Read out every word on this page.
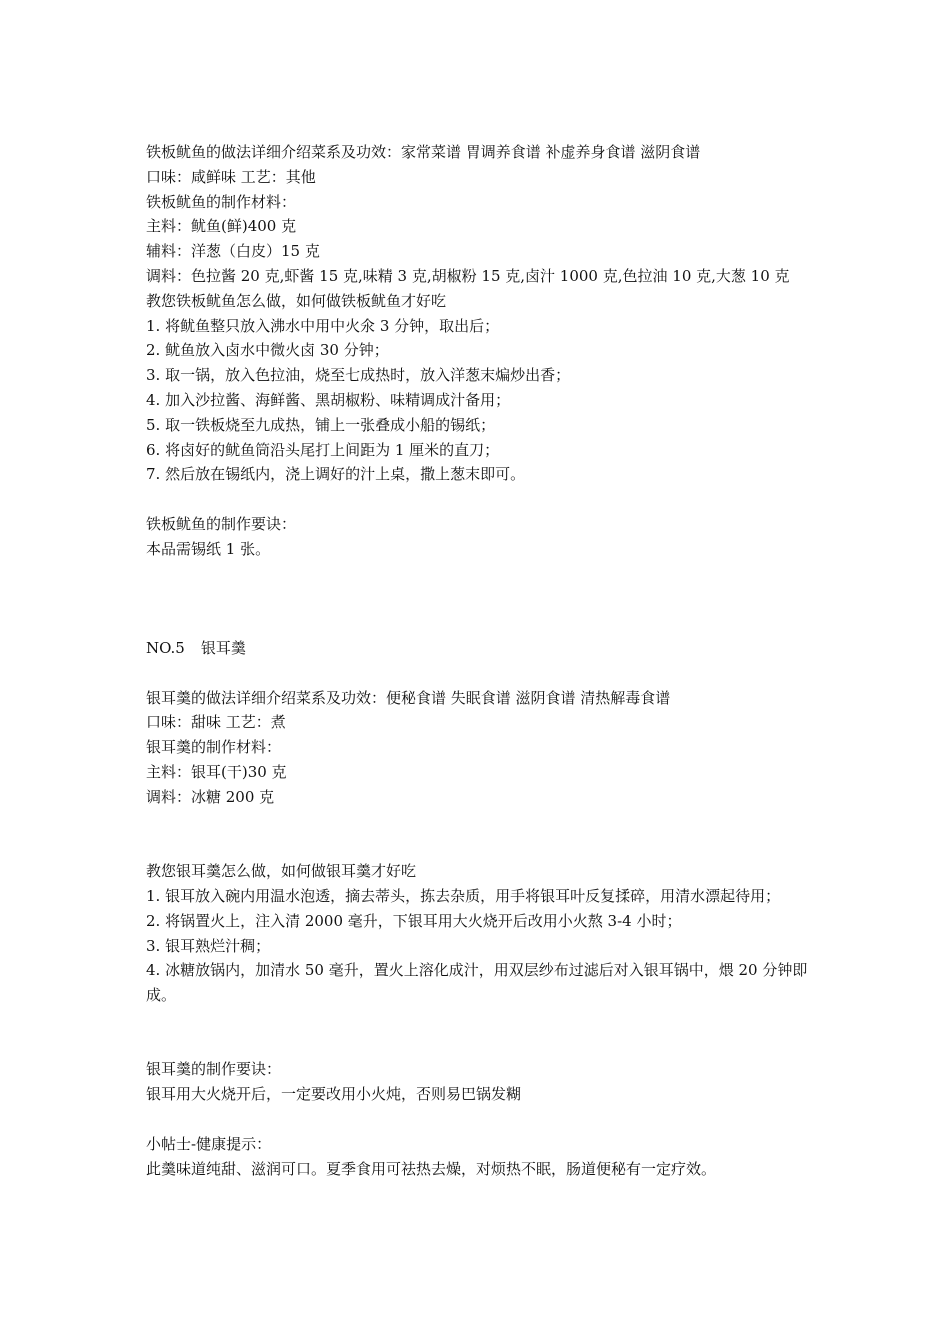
铁板鱿鱼的做法详细介绍菜系及功效：家常菜谱 胃调养食谱 补虚养身食谱 滋阴食谱
口味：咸鲜味 工艺：其他
铁板鱿鱼的制作材料：
主料：鱿鱼(鲜)400 克
辅料：洋葱（白皮）15 克
调料：色拉酱 20 克,虾酱 15 克,味精 3 克,胡椒粉 15 克,卤汁 1000 克,色拉油 10 克,大葱 10 克
教您铁板鱿鱼怎么做，如何做铁板鱿鱼才好吃
1. 将鱿鱼整只放入沸水中用中火氽 3 分钟，取出后；
2. 鱿鱼放入卤水中微火卤 30 分钟；
3. 取一锅，放入色拉油，烧至七成热时，放入洋葱末煸炒出香；
4. 加入沙拉酱、海鲜酱、黑胡椒粉、味精调成汁备用；
5. 取一铁板烧至九成热，铺上一张叠成小船的锡纸；
6. 将卤好的鱿鱼筒沿头尾打上间距为 1 厘米的直刀；
7. 然后放在锡纸内，浇上调好的汁上桌，撒上葱末即可。
铁板鱿鱼的制作要诀：
本品需锡纸 1 张。
NO.5 银耳羹
银耳羹的做法详细介绍菜系及功效：便秘食谱 失眠食谱 滋阴食谱 清热解毒食谱
口味：甜味 工艺：煮
银耳羹的制作材料：
主料：银耳(干)30 克
调料：冰糖 200 克
教您银耳羹怎么做，如何做银耳羹才好吃
1. 银耳放入碗内用温水泡透，摘去蒂头，拣去杂质，用手将银耳叶反复揉碎，用清水漂起待用；
2. 将锅置火上，注入清 2000 毫升，下银耳用大火烧开后改用小火熬 3-4 小时；
3. 银耳熟烂汁稠；
4. 冰糖放锅内，加清水 50 毫升，置火上溶化成汁，用双层纱布过滤后对入银耳锅中，煨 20 分钟即成。
银耳羹的制作要诀：
银耳用大火烧开后，一定要改用小火炖，否则易巴锅发糊
小帖士-健康提示：
此羹味道纯甜、滋润可口。夏季食用可祛热去燥，对烦热不眠，肠道便秘有一定疗效。
